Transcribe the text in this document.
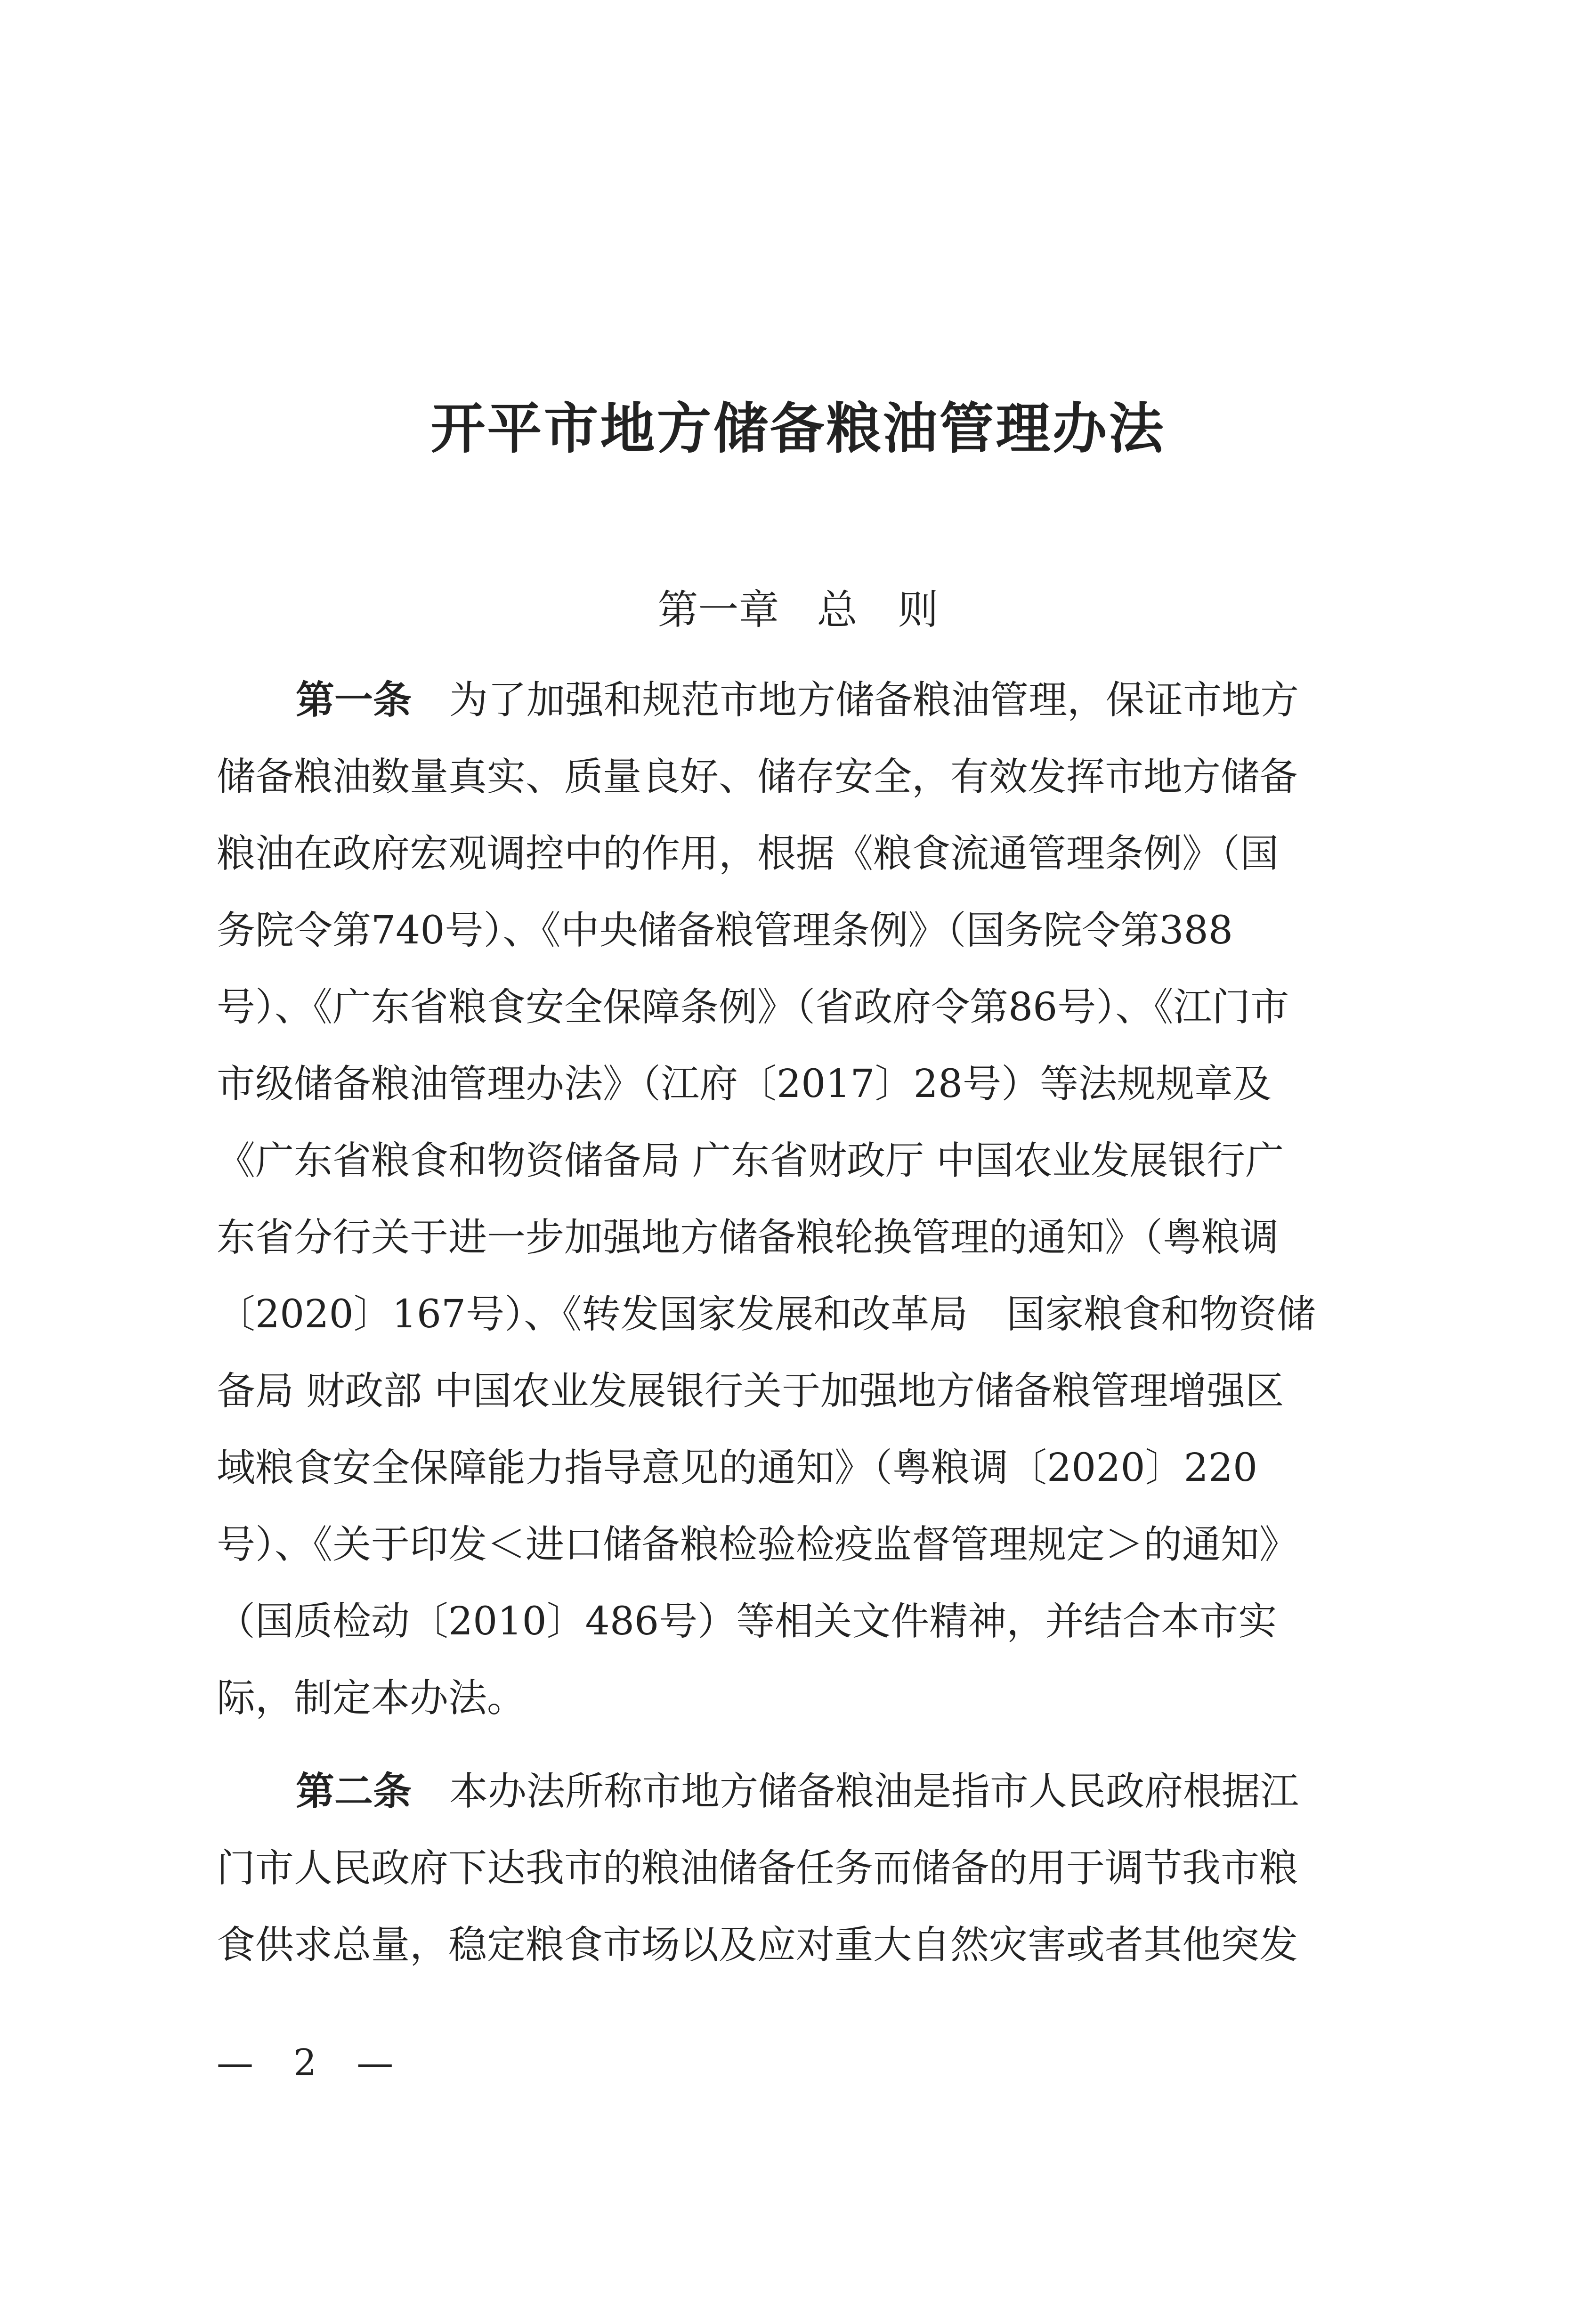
开平市地方储备粮油管理办法
第一章 总　则
第一条 为了加强和规范市地方储备粮油管理，保证市地方
储备粮油数量真实、质量良好、储存安全，有效发挥市地方储备
粮油在政府宏观调控中的作用，根据《粮食流通管理条例》（国
务院令第740号）、《中央储备粮管理条例》（国务院令第388
号）、《广东省粮食安全保障条例》（省政府令第86号）、《江门市
市级储备粮油管理办法》（江府〔2017〕28号）等法规规章及
《广东省粮食和物资储备局 广东省财政厅 中国农业发展银行广
东省分行关于进一步加强地方储备粮轮换管理的通知》（粤粮调
〔2020〕167号）、《转发国家发展和改革局　国家粮食和物资储
备局 财政部 中国农业发展银行关于加强地方储备粮管理增强区
域粮食安全保障能力指导意见的通知》（粤粮调〔2020〕220
号）、《关于印发＜进口储备粮检验检疫监督管理规定＞的通知》
（国质检动〔2010〕486号）等相关文件精神，并结合本市实
际，制定本办法。
第二条 本办法所称市地方储备粮油是指市人民政府根据江
门市人民政府下达我市的粮油储备任务而储备的用于调节我市粮
食供求总量，稳定粮食市场以及应对重大自然灾害或者其他突发
— 2 —
